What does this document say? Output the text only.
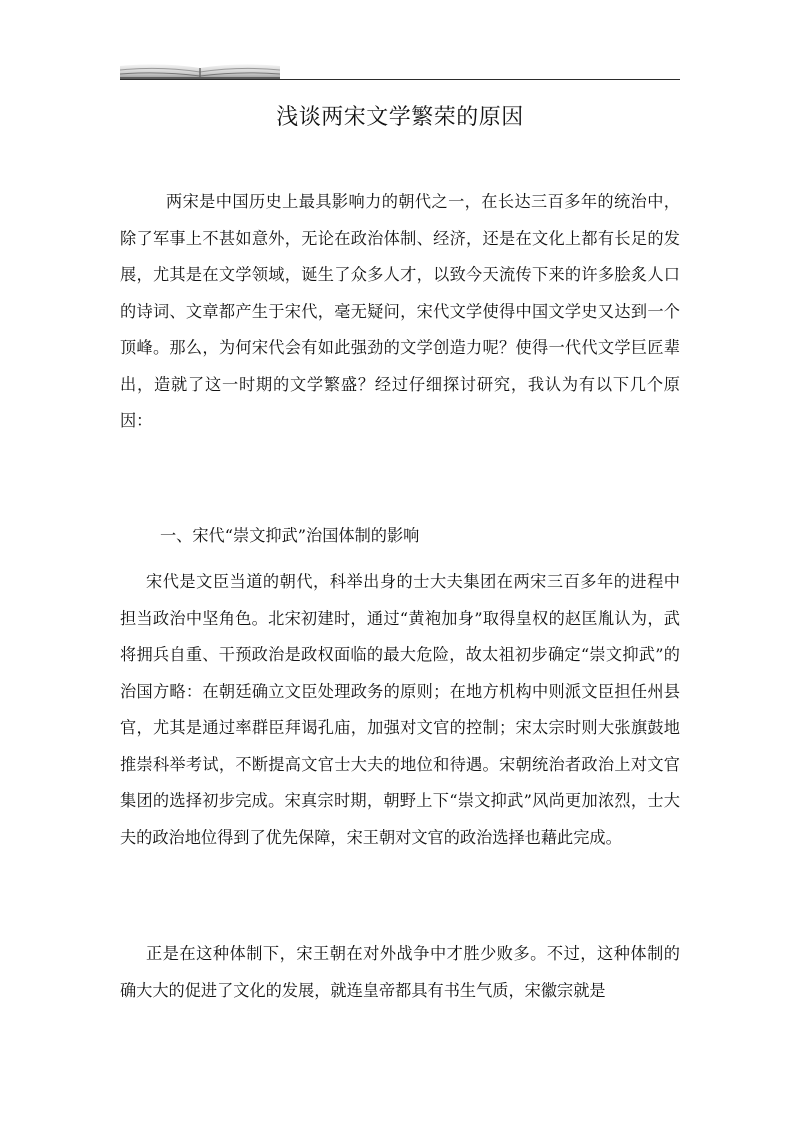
浅谈两宋文学繁荣的原因

两宋是中国历史上最具影响力的朝代之一，在长达三百多年的统治中，除了军事上不甚如意外，无论在政治体制、经济，还是在文化上都有长足的发展，尤其是在文学领域，诞生了众多人才，以致今天流传下来的许多脍炙人口的诗词、文章都产生于宋代，毫无疑问，宋代文学使得中国文学史又达到一个顶峰。那么，为何宋代会有如此强劲的文学创造力呢？使得一代代文学巨匠辈出，造就了这一时期的文学繁盛？经过仔细探讨研究，我认为有以下几个原因：

一、宋代“崇文抑武”治国体制的影响

宋代是文臣当道的朝代，科举出身的士大夫集团在两宋三百多年的进程中担当政治中坚角色。北宋初建时，通过“黄袍加身”取得皇权的赵匡胤认为，武将拥兵自重、干预政治是政权面临的最大危险，故太祖初步确定“崇文抑武”的治国方略：在朝廷确立文臣处理政务的原则；在地方机构中则派文臣担任州县官，尤其是通过率群臣拜谒孔庙，加强对文官的控制；宋太宗时则大张旗鼓地推崇科举考试，不断提高文官士大夫的地位和待遇。宋朝统治者政治上对文官集团的选择初步完成。宋真宗时期，朝野上下“崇文抑武”风尚更加浓烈，士大夫的政治地位得到了优先保障，宋王朝对文官的政治选择也藉此完成。

正是在这种体制下，宋王朝在对外战争中才胜少败多。不过，这种体制的确大大的促进了文化的发展，就连皇帝都具有书生气质，宋徽宗就是
